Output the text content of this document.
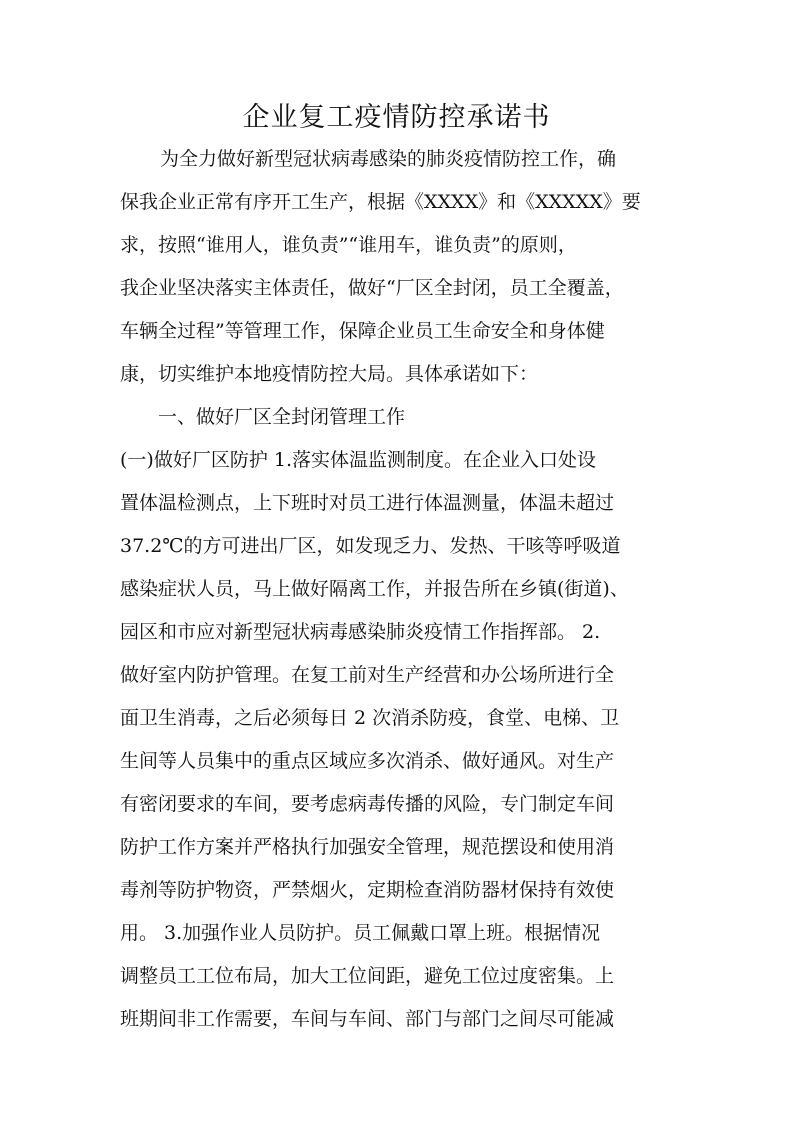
企业复工疫情防控承诺书
为全力做好新型冠状病毒感染的肺炎疫情防控工作，确
保我企业正常有序开工生产，根据《XXXX》和《XXXXX》要
求，按照“谁用人，谁负责”“谁用车，谁负责”的原则，
我企业坚决落实主体责任，做好“厂区全封闭，员工全覆盖，
车辆全过程”等管理工作，保障企业员工生命安全和身体健
康，切实维护本地疫情防控大局。具体承诺如下：
一、做好厂区全封闭管理工作
(一)做好厂区防护 1.落实体温监测制度。在企业入口处设
置体温检测点，上下班时对员工进行体温测量，体温未超过
37.2℃的方可进出厂区，如发现乏力、发热、干咳等呼吸道
感染症状人员，马上做好隔离工作，并报告所在乡镇(街道)、
园区和市应对新型冠状病毒感染肺炎疫情工作指挥部。 2.
做好室内防护管理。在复工前对生产经营和办公场所进行全
面卫生消毒，之后必须每日 2 次消杀防疫，食堂、电梯、卫
生间等人员集中的重点区域应多次消杀、做好通风。对生产
有密闭要求的车间，要考虑病毒传播的风险，专门制定车间
防护工作方案并严格执行加强安全管理，规范摆设和使用消
毒剂等防护物资，严禁烟火，定期检查消防器材保持有效使
用。 3.加强作业人员防护。员工佩戴口罩上班。根据情况
调整员工工位布局，加大工位间距，避免工位过度密集。上
班期间非工作需要，车间与车间、部门与部门之间尽可能减
